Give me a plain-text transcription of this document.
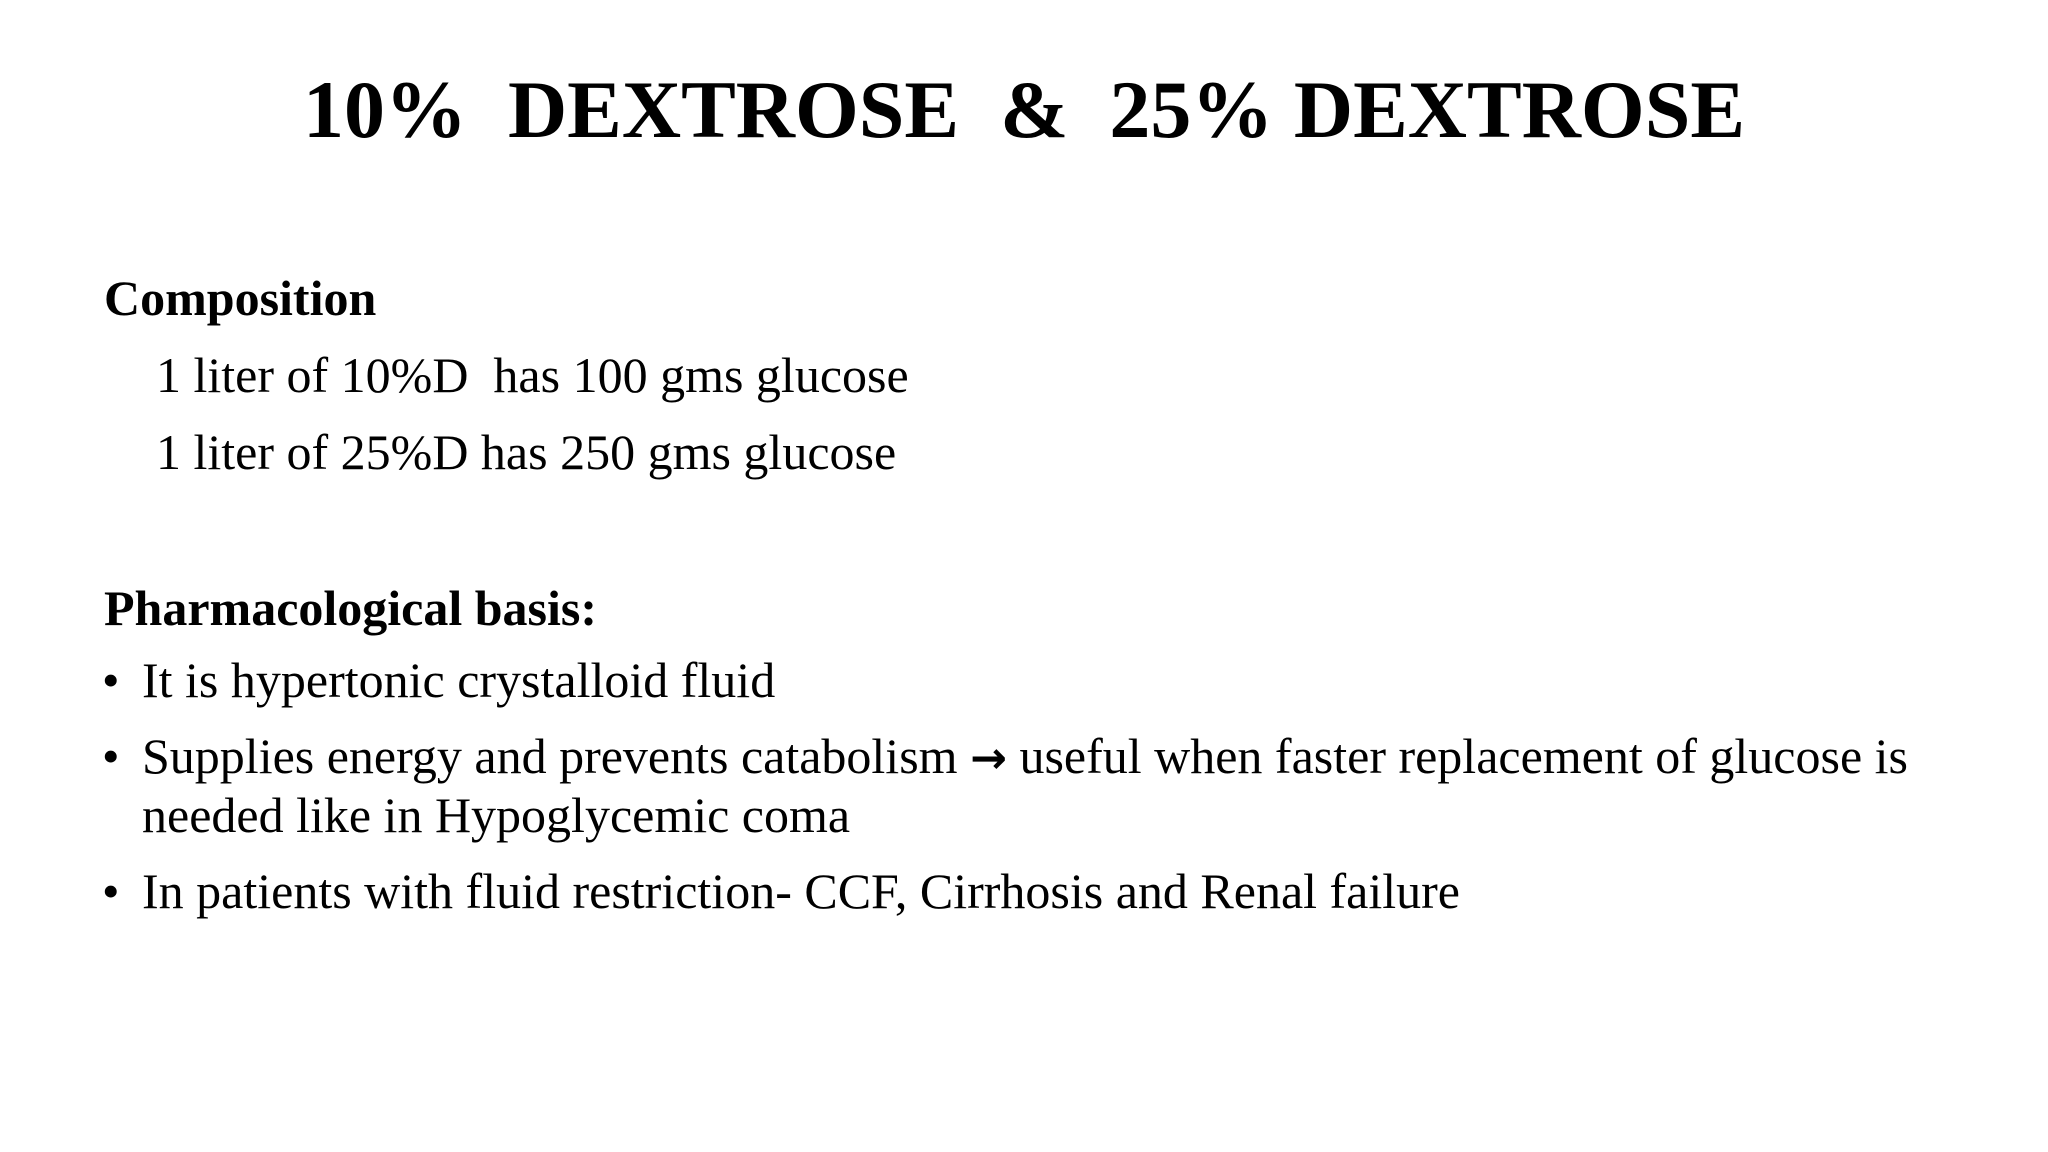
10%  DEXTROSE  &  25% DEXTROSE
Composition
1 liter of 10%D  has 100 gms glucose
1 liter of 25%D has 250 gms glucose
Pharmacological basis:
• It is hypertonic crystalloid fluid
• Supplies energy and prevents catabolism → useful when faster replacement of glucose is needed like in Hypoglycemic coma
• In patients with fluid restriction- CCF, Cirrhosis and Renal failure
